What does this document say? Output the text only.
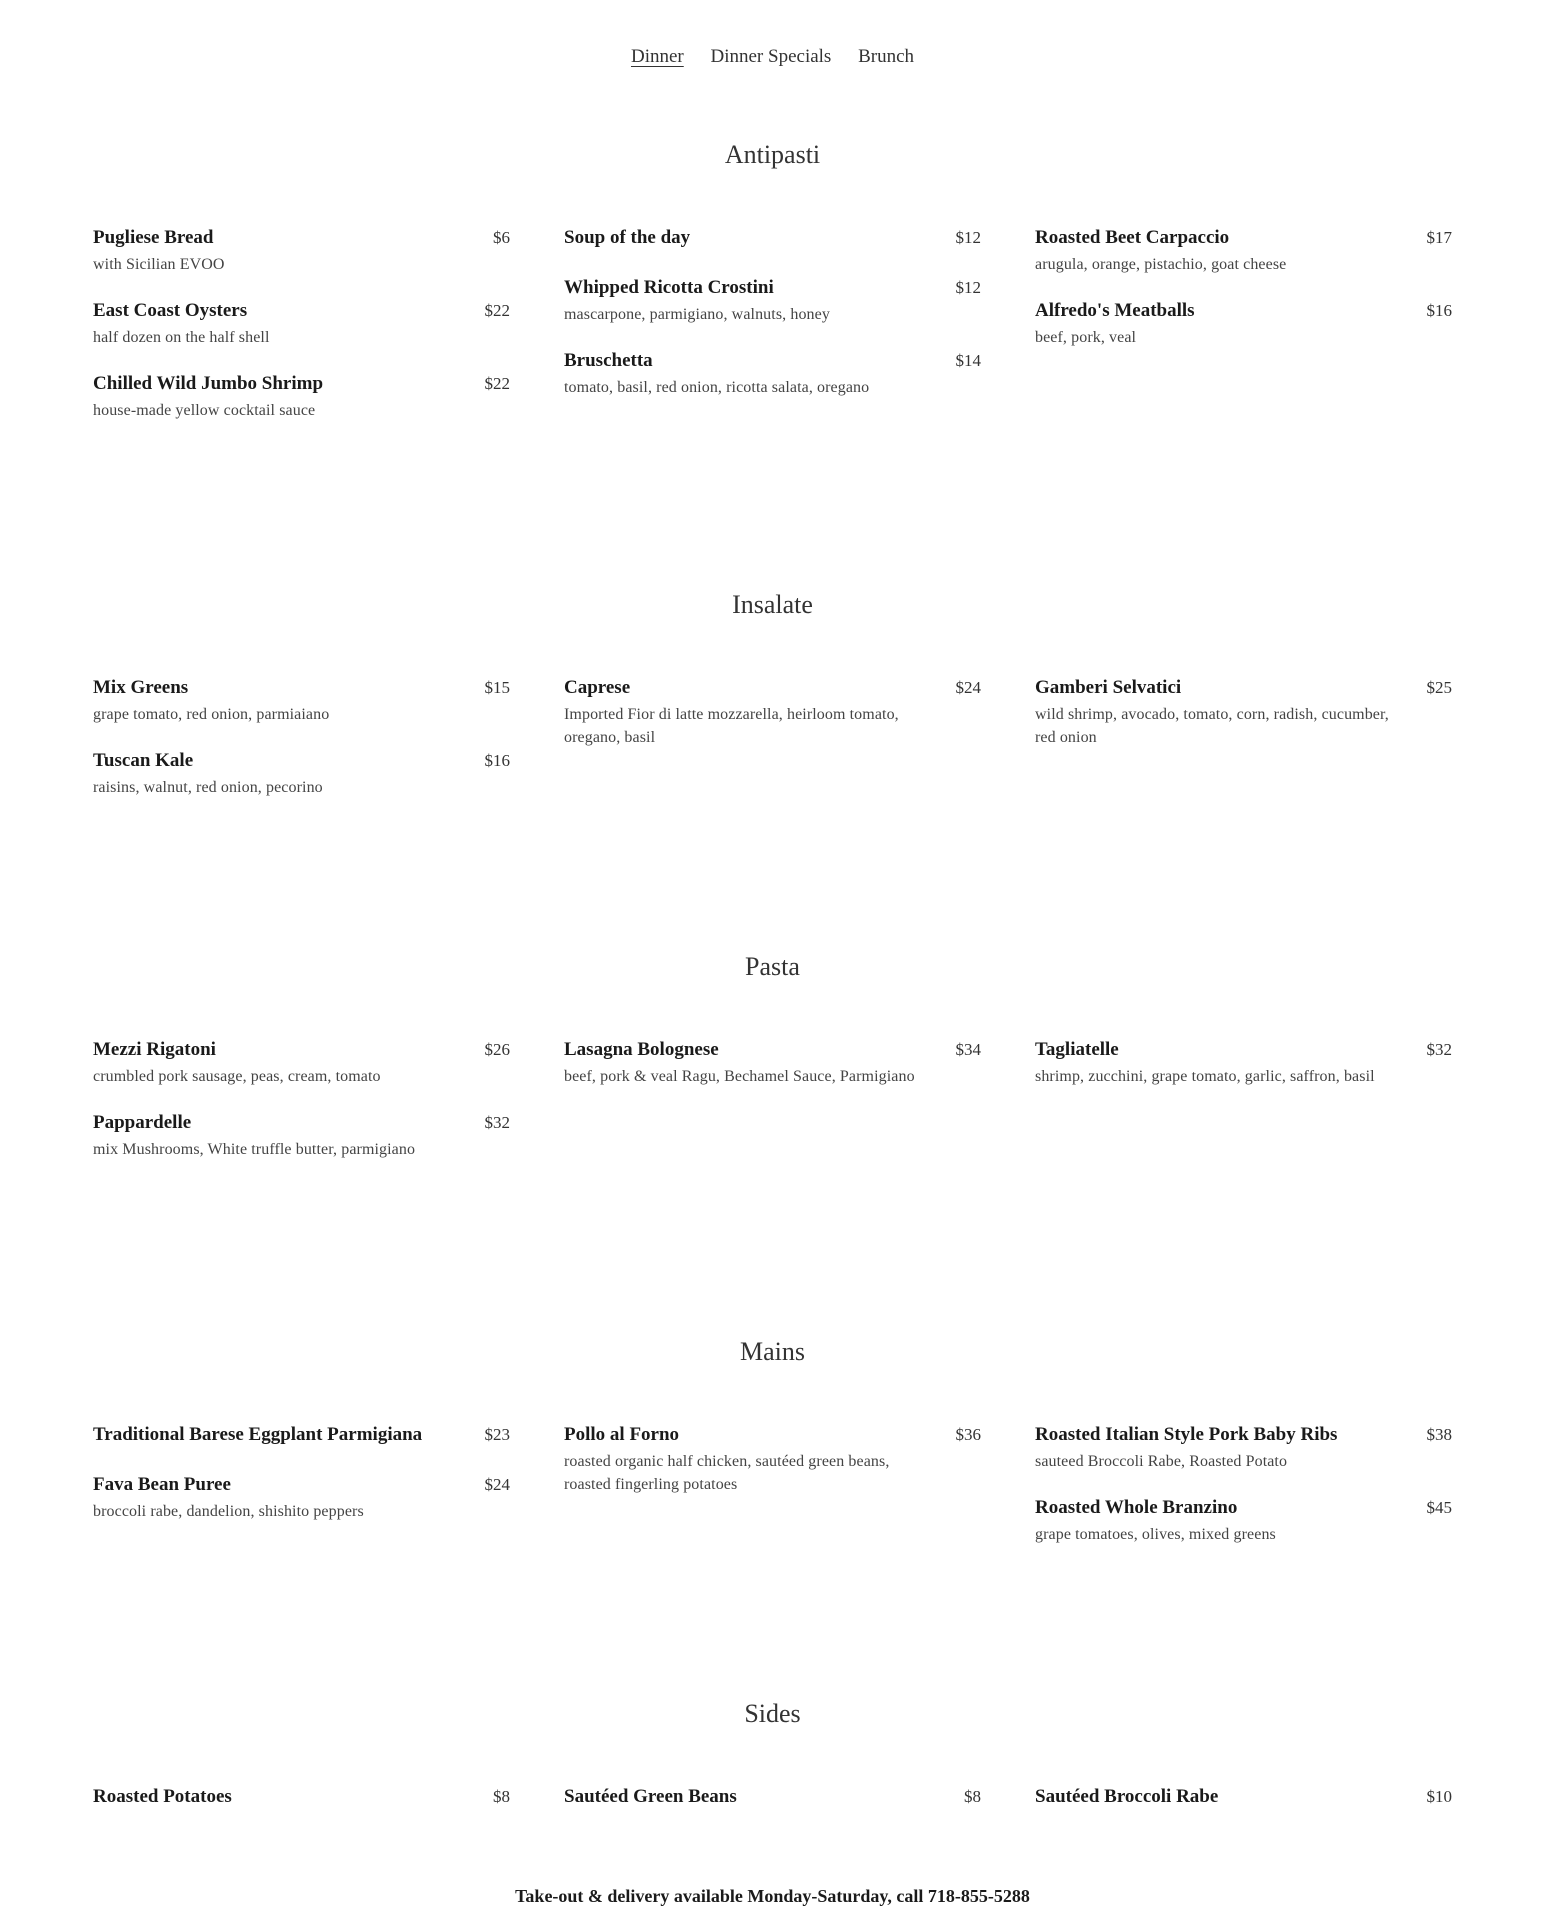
Dinner Dinner Specials Brunch
Antipasti
Pugliese Bread	$6
with Sicilian EVOO
East Coast Oysters	$22
half dozen on the half shell
Chilled Wild Jumbo Shrimp	$22
house-made yellow cocktail sauce
Soup of the day	$12
Whipped Ricotta Crostini	$12
mascarpone, parmigiano, walnuts, honey
Bruschetta	$14
tomato, basil, red onion, ricotta salata, oregano
Roasted Beet Carpaccio	$17
arugula, orange, pistachio, goat cheese
Alfredo's Meatballs	$16
beef, pork, veal
Insalate
Mix Greens	$15
grape tomato, red onion, parmiaiano
Tuscan Kale	$16
raisins, walnut, red onion, pecorino
Caprese	$24
Imported Fior di latte mozzarella, heirloom tomato, oregano, basil
Gamberi Selvatici	$25
wild shrimp, avocado, tomato, corn, radish, cucumber, red onion
Pasta
Mezzi Rigatoni	$26
crumbled pork sausage, peas, cream, tomato
Pappardelle	$32
mix Mushrooms, White truffle butter, parmigiano
Lasagna Bolognese	$34
beef, pork & veal Ragu, Bechamel Sauce, Parmigiano
Tagliatelle	$32
shrimp, zucchini, grape tomato, garlic, saffron, basil
Mains
Traditional Barese Eggplant Parmigiana	$23
Fava Bean Puree	$24
broccoli rabe, dandelion, shishito peppers
Pollo al Forno	$36
roasted organic half chicken, sautéed green beans, roasted fingerling potatoes
Roasted Italian Style Pork Baby Ribs	$38
sauteed Broccoli Rabe, Roasted Potato
Roasted Whole Branzino	$45
grape tomatoes, olives, mixed greens
Sides
Roasted Potatoes	$8	Sautéed Green Beans	$8	Sautéed Broccoli Rabe	$10
Take-out & delivery available Monday-Saturday, call 718-855-5288
